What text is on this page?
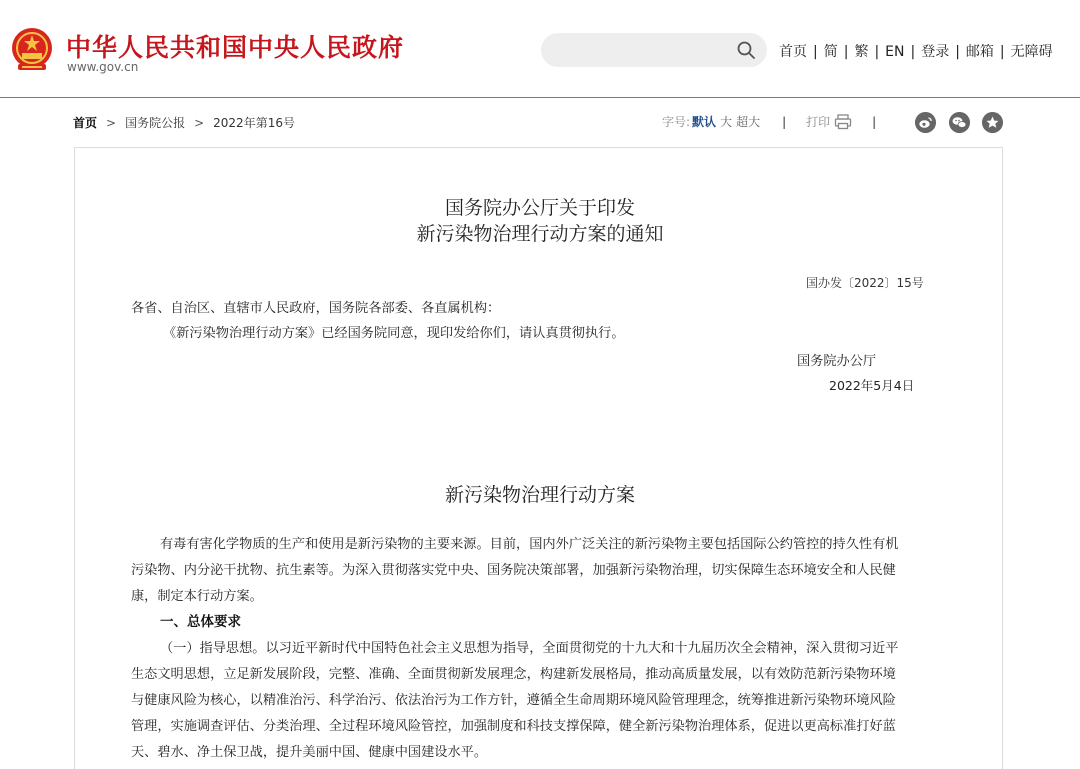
中华人民共和国中央人民政府
www.gov.cn
首页 | 简 | 繁 | EN | 登录 | 邮箱 | 无障碍
首页 > 国务院公报 > 2022年第16号	字号: 默认 大 超大	|	打印	|
国务院办公厅关于印发
新污染物治理行动方案的通知
国办发〔2022〕15号
各省、自治区、直辖市人民政府，国务院各部委、各直属机构：
《新污染物治理行动方案》已经国务院同意，现印发给你们，请认真贯彻执行。
国务院办公厅
2022年5月4日
新污染物治理行动方案
有毒有害化学物质的生产和使用是新污染物的主要来源。目前，国内外广泛关注的新污染物主要包括国际公约管控的持久性有机
污染物、内分泌干扰物、抗生素等。为深入贯彻落实党中央、国务院决策部署，加强新污染物治理，切实保障生态环境安全和人民健
康，制定本行动方案。
一、总体要求
（一）指导思想。以习近平新时代中国特色社会主义思想为指导，全面贯彻党的十九大和十九届历次全会精神，深入贯彻习近平
生态文明思想，立足新发展阶段，完整、准确、全面贯彻新发展理念，构建新发展格局，推动高质量发展，以有效防范新污染物环境
与健康风险为核心，以精准治污、科学治污、依法治污为工作方针，遵循全生命周期环境风险管理理念，统筹推进新污染物环境风险
管理，实施调查评估、分类治理、全过程环境风险管控，加强制度和科技支撑保障，健全新污染物治理体系，促进以更高标准打好蓝
天、碧水、净土保卫战，提升美丽中国、健康中国建设水平。
